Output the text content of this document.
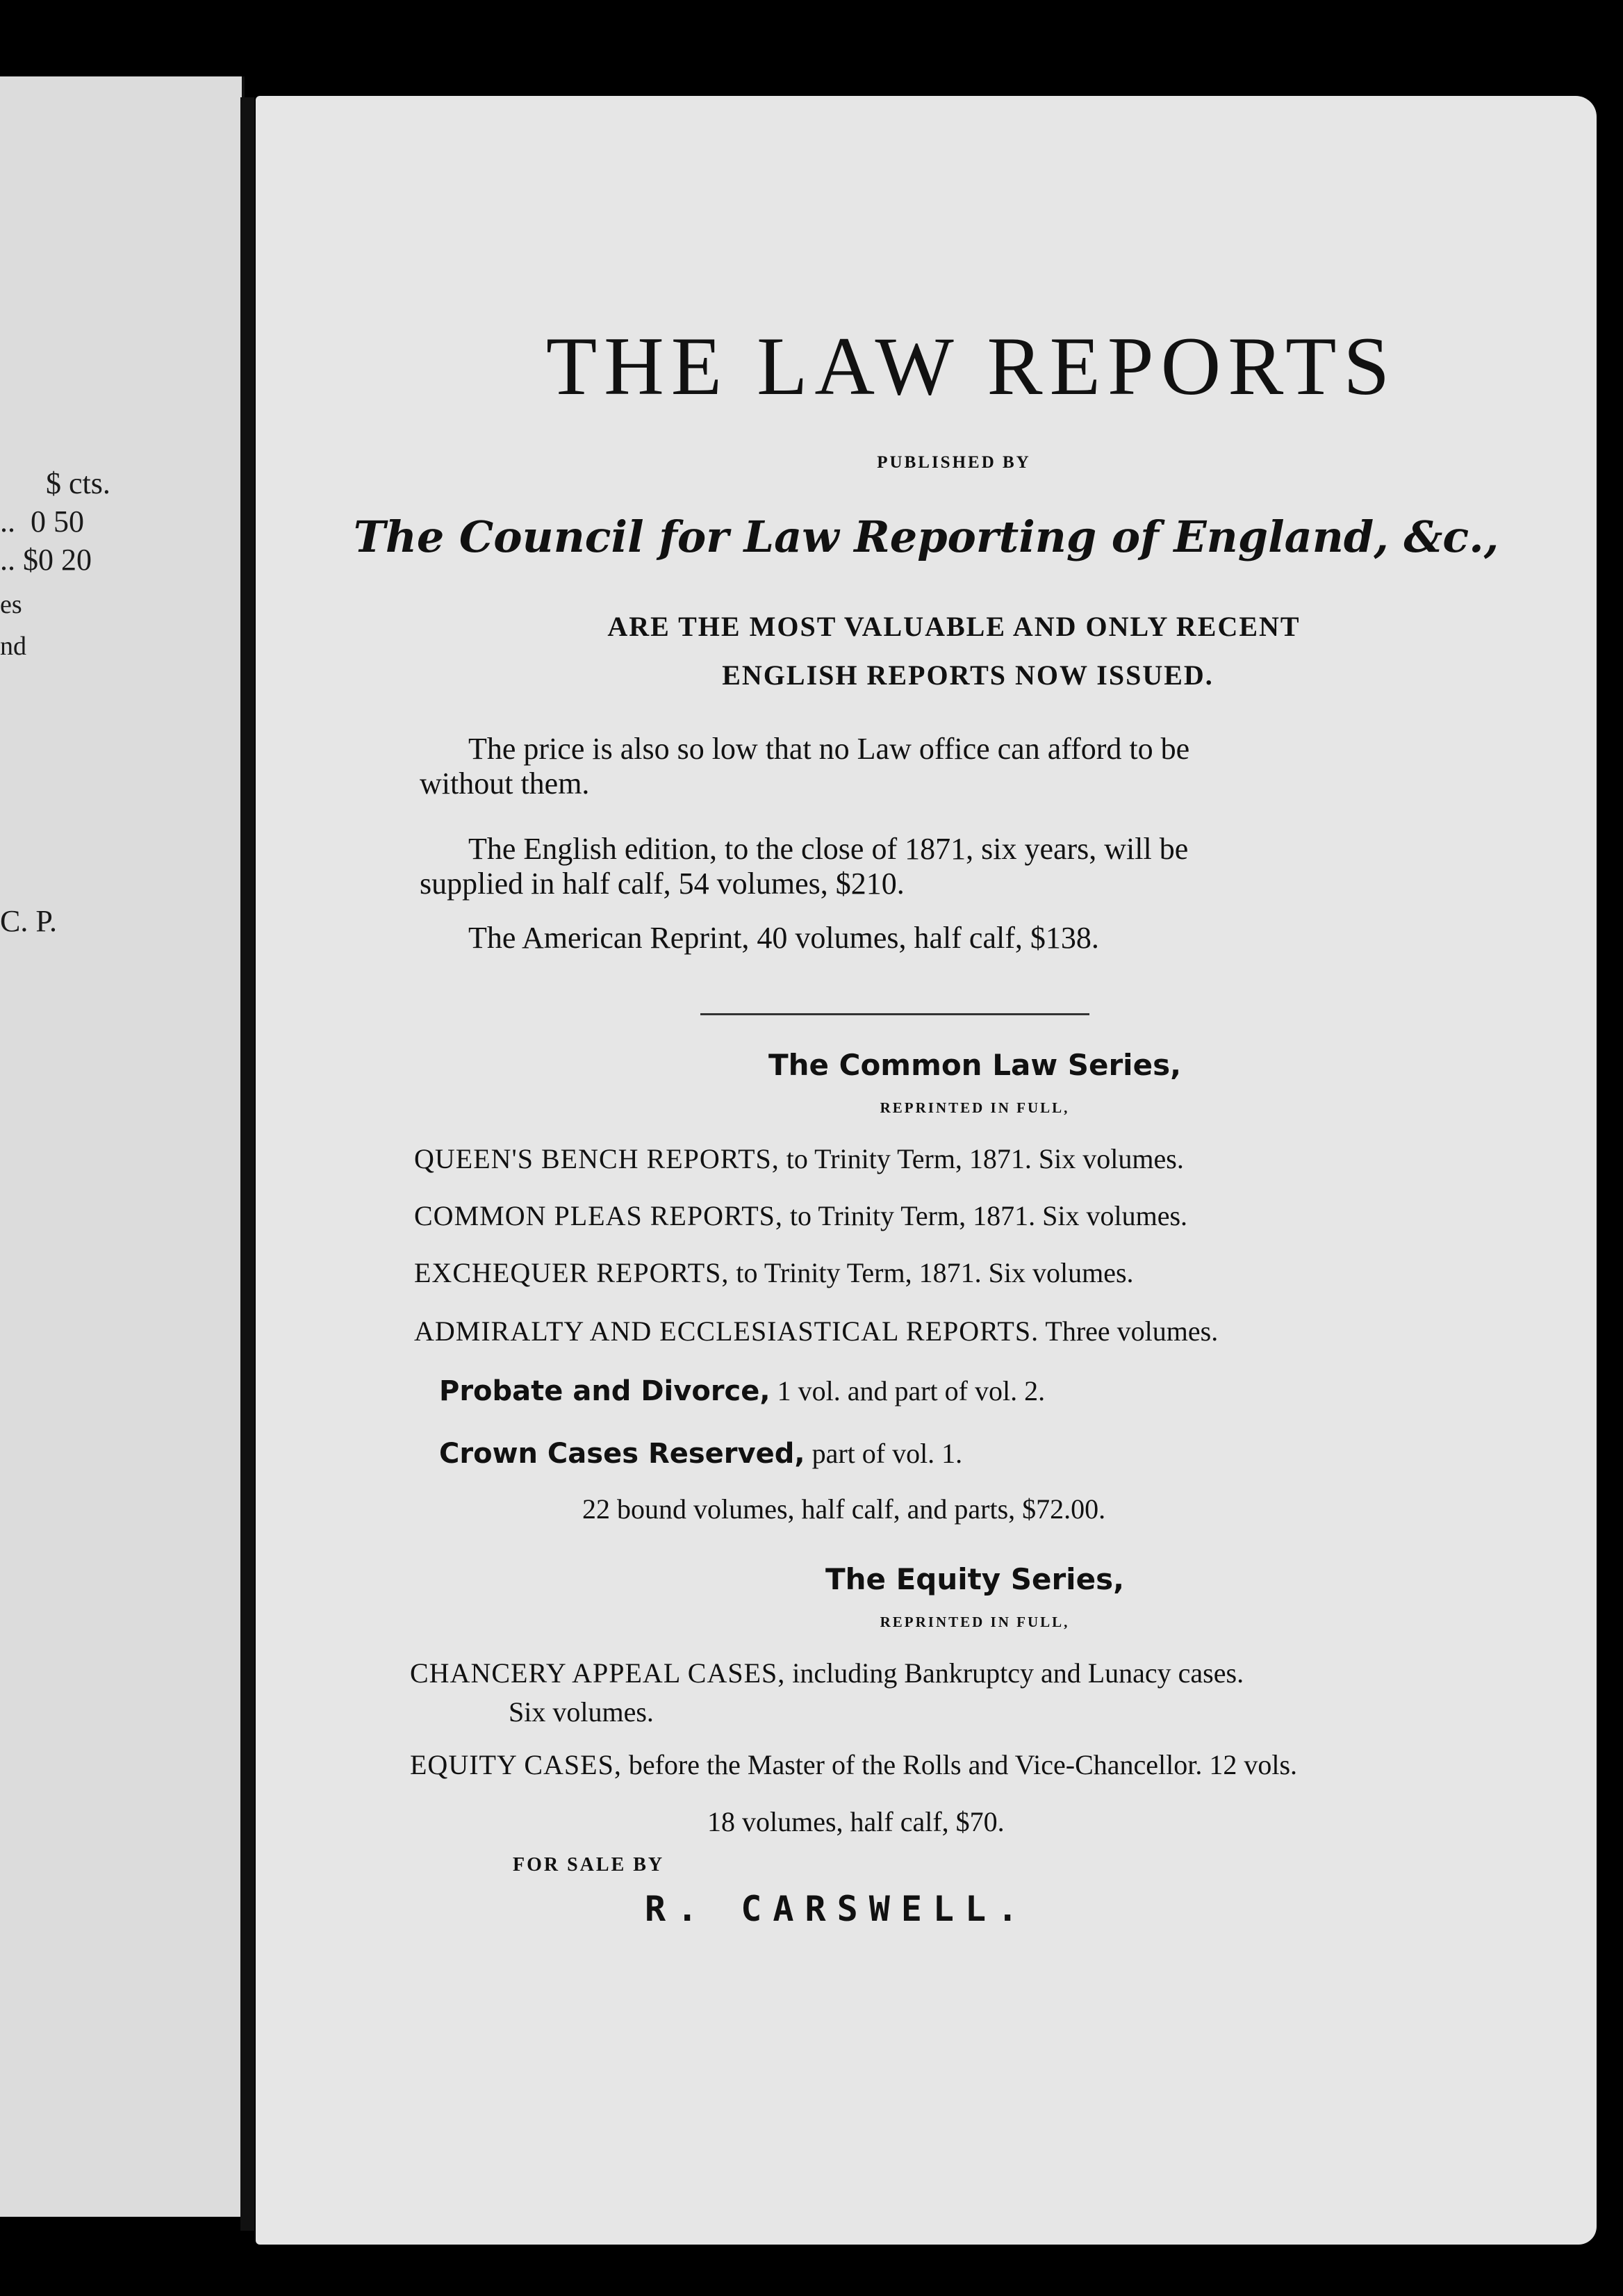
$ cts.
..  0 50
.. $0 20
es
nd
C. P.
THE LAW REPORTS
PUBLISHED BY
The Council for Law Reporting of England, &c.,
ARE THE MOST VALUABLE AND ONLY RECENT
ENGLISH REPORTS NOW ISSUED.
The price is also so low that no Law office can afford to be
without them.
The English edition, to the close of 1871, six years, will be
supplied in half calf, 54 volumes, $210.
The American Reprint, 40 volumes, half calf, $138.
The Common Law Series,
REPRINTED IN FULL,
QUEEN'S BENCH REPORTS, to Trinity Term, 1871. Six volumes.
COMMON PLEAS REPORTS, to Trinity Term, 1871. Six volumes.
EXCHEQUER REPORTS, to Trinity Term, 1871. Six volumes.
ADMIRALTY AND ECCLESIASTICAL REPORTS. Three volumes.
Probate and Divorce, 1 vol. and part of vol. 2.
Crown Cases Reserved, part of vol. 1.
22 bound volumes, half calf, and parts, $72.00.
The Equity Series,
REPRINTED IN FULL,
CHANCERY APPEAL CASES, including Bankruptcy and Lunacy cases.
Six volumes.
EQUITY CASES, before the Master of the Rolls and Vice-Chancellor. 12 vols.
18 volumes, half calf, $70.
FOR SALE BY
R. CARSWELL.
